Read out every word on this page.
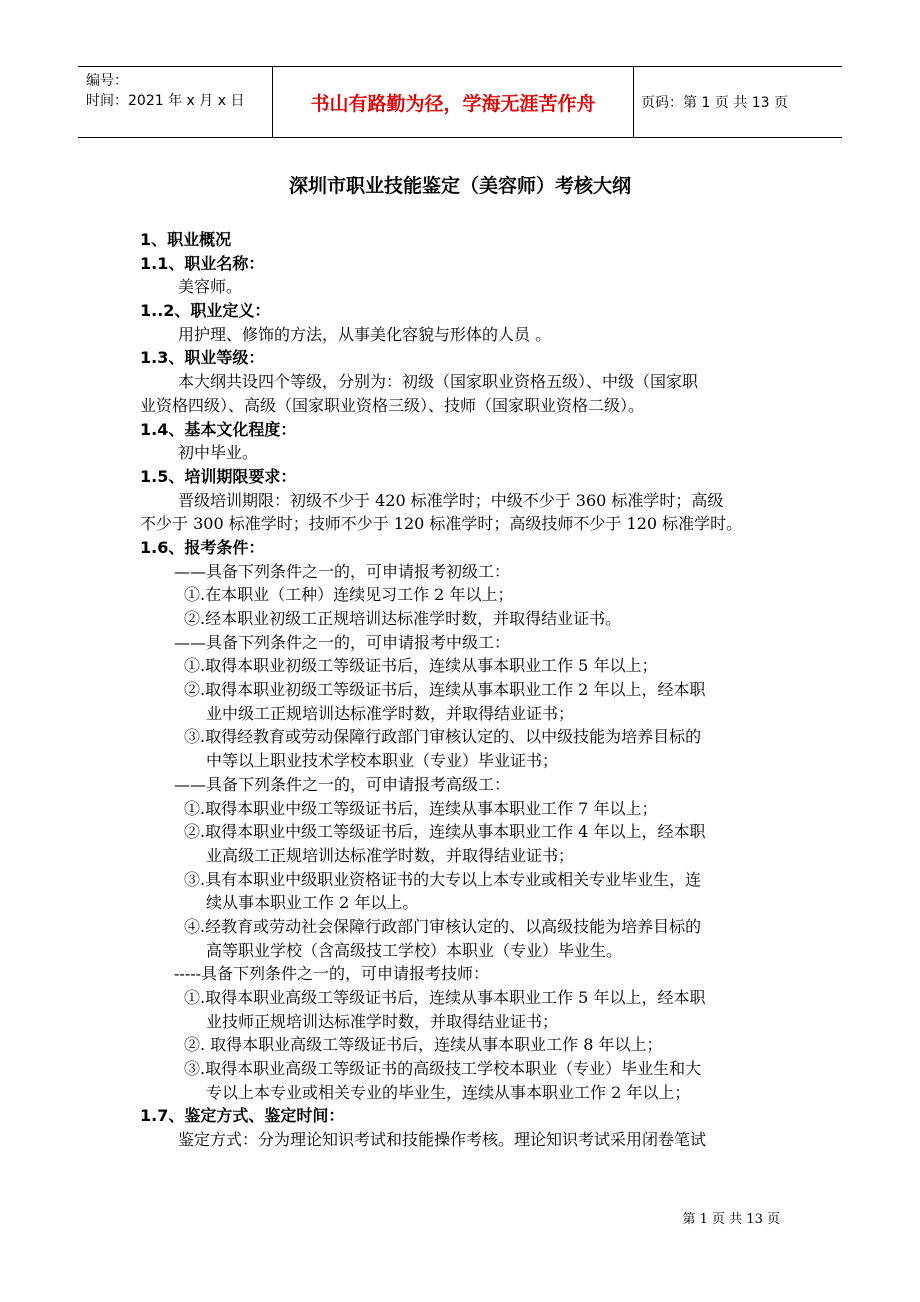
编号：
时间：2021 年 x 月 x 日	书山有路勤为径，学海无涯苦作舟	页码：第 1 页 共 13 页
深圳市职业技能鉴定（美容师）考核大纲
1、职业概况
1.1、职业名称：
美容师。
1..2、职业定义：
用护理、修饰的方法，从事美化容貌与形体的人员 。
1.3、职业等级：
本大纲共设四个等级，分别为：初级（国家职业资格五级）、中级（国家职
业资格四级）、高级（国家职业资格三级）、技师（国家职业资格二级）。
1.4、基本文化程度：
初中毕业。
1.5、培训期限要求：
晋级培训期限：初级不少于 420 标准学时；中级不少于 360 标准学时；高级
不少于 300 标准学时；技师不少于 120 标准学时；高级技师不少于 120 标准学时。
1.6、报考条件：
——具备下列条件之一的，可申请报考初级工：
①.在本职业（工种）连续见习工作 2 年以上；
②.经本职业初级工正规培训达标准学时数，并取得结业证书。
——具备下列条件之一的，可申请报考中级工：
①.取得本职业初级工等级证书后，连续从事本职业工作 5 年以上；
②.取得本职业初级工等级证书后，连续从事本职业工作 2 年以上，经本职
业中级工正规培训达标准学时数，并取得结业证书；
③.取得经教育或劳动保障行政部门审核认定的、以中级技能为培养目标的
中等以上职业技术学校本职业（专业）毕业证书；
——具备下列条件之一的，可申请报考高级工：
①.取得本职业中级工等级证书后，连续从事本职业工作 7 年以上；
②.取得本职业中级工等级证书后，连续从事本职业工作 4 年以上，经本职
业高级工正规培训达标准学时数，并取得结业证书；
③.具有本职业中级职业资格证书的大专以上本专业或相关专业毕业生，连
续从事本职业工作 2 年以上。
④.经教育或劳动社会保障行政部门审核认定的、以高级技能为培养目标的
高等职业学校（含高级技工学校）本职业（专业）毕业生。
-----具备下列条件之一的，可申请报考技师：
①.取得本职业高级工等级证书后，连续从事本职业工作 5 年以上，经本职
业技师正规培训达标准学时数，并取得结业证书；
②. 取得本职业高级工等级证书后，连续从事本职业工作 8 年以上；
③.取得本职业高级工等级证书的高级技工学校本职业（专业）毕业生和大
专以上本专业或相关专业的毕业生，连续从事本职业工作 2 年以上；
1.7、鉴定方式、鉴定时间：
鉴定方式：分为理论知识考试和技能操作考核。理论知识考试采用闭卷笔试
第 1 页 共 13 页
